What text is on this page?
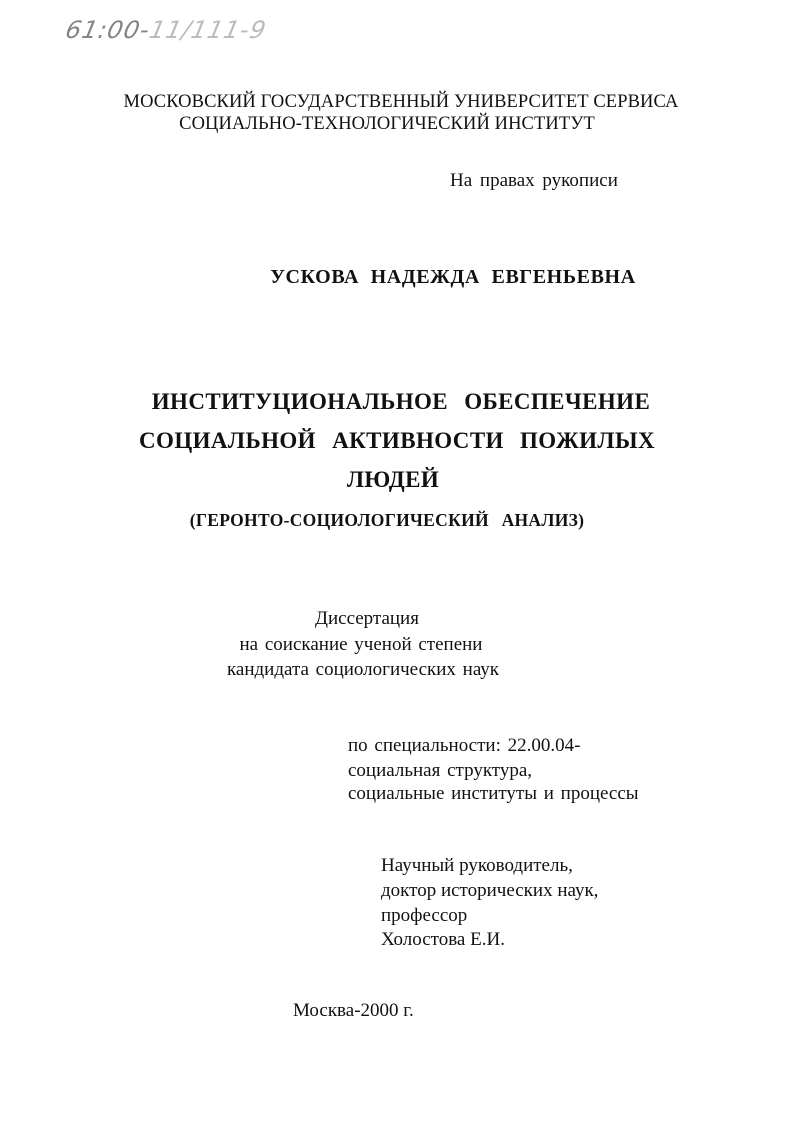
61:00-11/111-9
МОСКОВСКИЙ ГОСУДАРСТВЕННЫЙ УНИВЕРСИТЕТ СЕРВИСА
СОЦИАЛЬНО-ТЕХНОЛОГИЧЕСКИЙ ИНСТИТУТ
На правах рукописи
УСКОВА НАДЕЖДА ЕВГЕНЬЕВНА
ИНСТИТУЦИОНАЛЬНОЕ ОБЕСПЕЧЕНИЕ
СОЦИАЛЬНОЙ АКТИВНОСТИ ПОЖИЛЫХ
ЛЮДЕЙ
(ГЕРОНТО-СОЦИОЛОГИЧЕСКИЙ АНАЛИЗ)
Диссертация
на соискание ученой степени
кандидата социологических наук
по специальности: 22.00.04-
социальная структура,
социальные институты и процессы
Научный руководитель,
доктор исторических наук,
профессор
Холостова Е.И.
Москва-2000 г.
